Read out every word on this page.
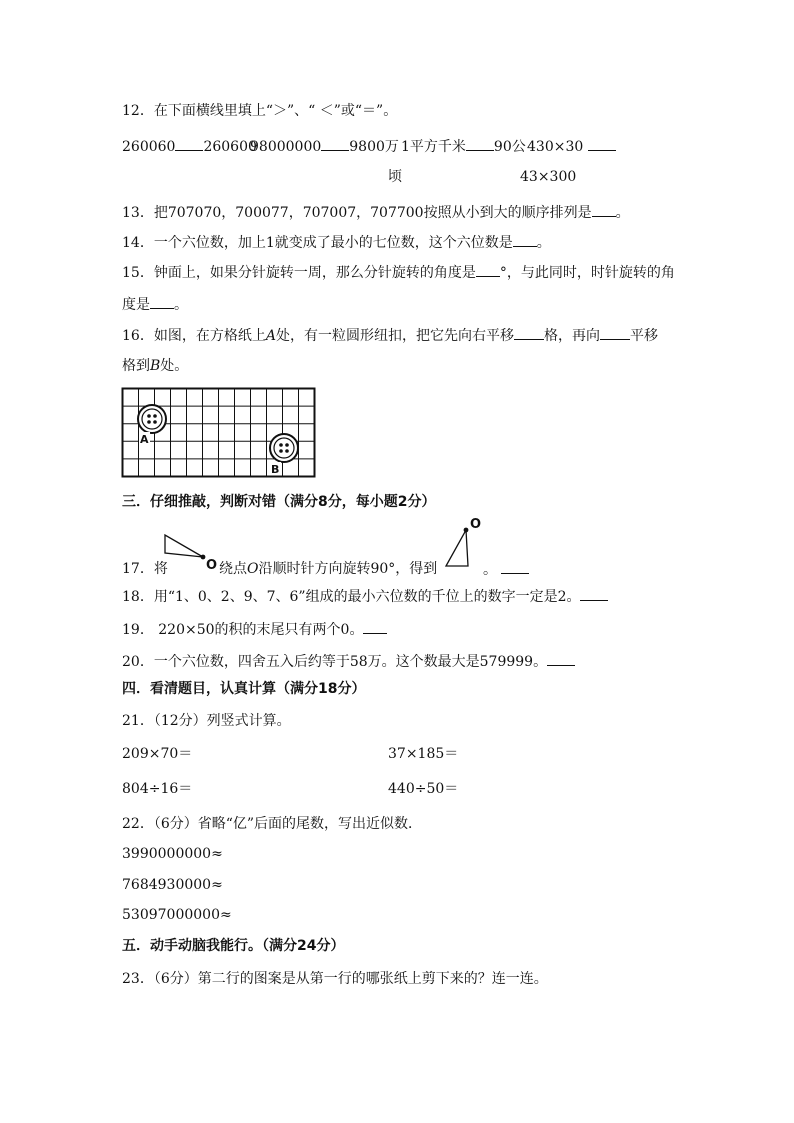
12．在下面横线里填上“＞”、“ ＜”或“＝”。
260060 260600
98000000 9800万 1平方千米 90公 430×30
顷	43×300
13．把707070，700077，707007，707700按照从小到大的顺序排列是 。
14．一个六位数，加上1就变成了最小的七位数，这个六位数是 。
15．钟面上，如果分针旋转一周，那么分针旋转的角度是 °，与此同时，时针旋转的角
度是 。
16．如图，在方格纸上A处，有一粒圆形纽扣，把它先向右平移 格，再向 平移
格到B处。
A
B
三．仔细推敲，判断对错（满分8分，每小题2分）
17．将	O 绕点O沿顺时针方向旋转90°，得到
O
。
18．用“1、0、2、9、7、6”组成的最小六位数的千位上的数字一定是2。
19． 220×50的积的末尾只有两个0。
20．一个六位数，四舍五入后约等于58万。这个数最大是579999。
四．看清题目，认真计算（满分18分）
21．（12分）列竖式计算。
209×70＝	37×185＝
804÷16＝	440÷50＝
22．（6分）省略“亿”后面的尾数，写出近似数．
3990000000≈
7684930000≈
53097000000≈
五．动手动脑我能行。（满分24分）
23．（6分）第二行的图案是从第一行的哪张纸上剪下来的？连一连。
